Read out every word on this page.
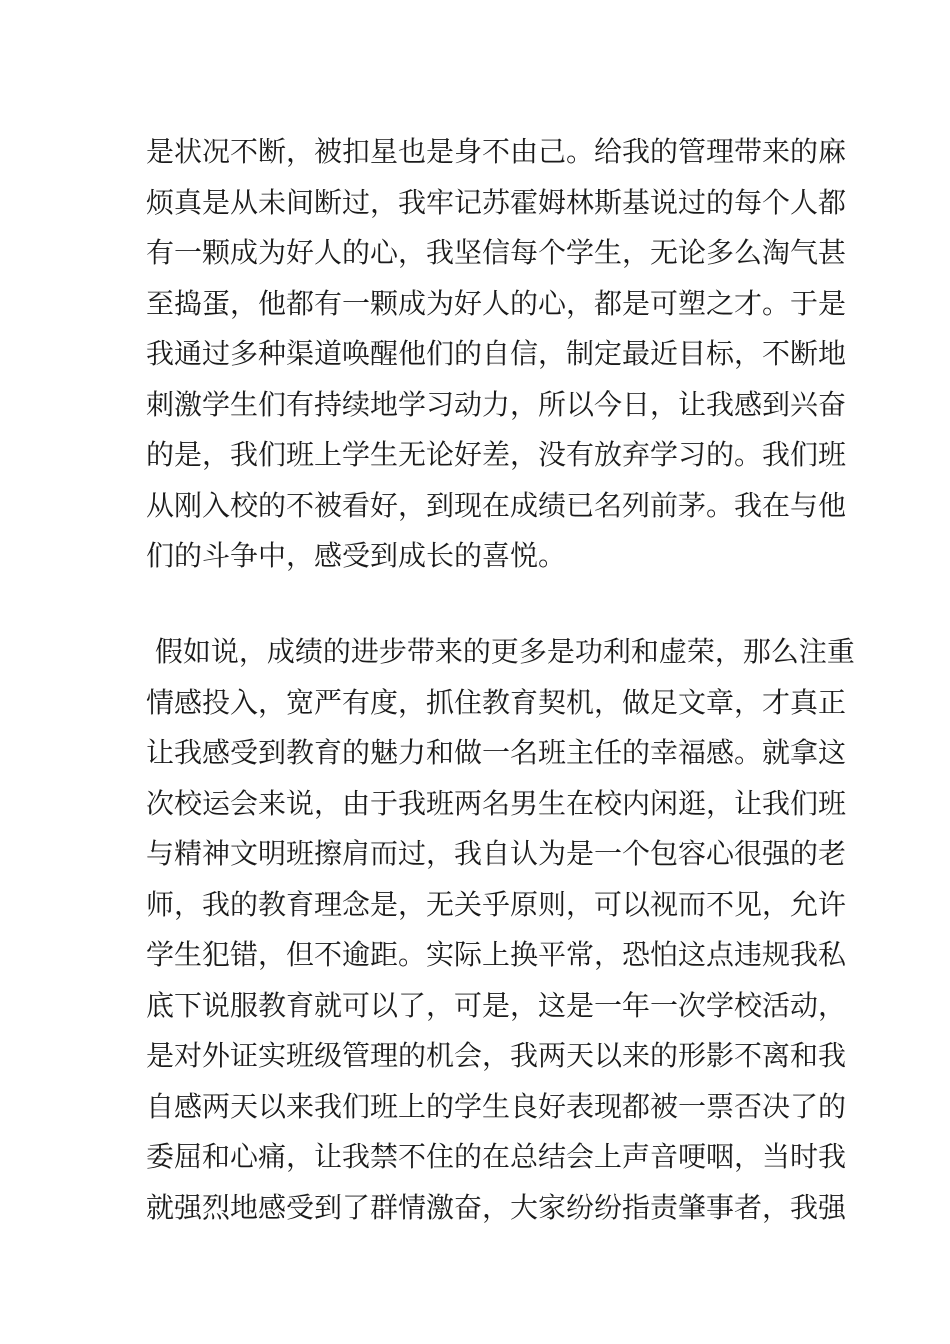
是状况不断，被扣星也是身不由己。给我的管理带来的麻
烦真是从未间断过，我牢记苏霍姆林斯基说过的每个人都
有一颗成为好人的心，我坚信每个学生，无论多么淘气甚
至捣蛋，他都有一颗成为好人的心，都是可塑之才。于是
我通过多种渠道唤醒他们的自信，制定最近目标，不断地
刺激学生们有持续地学习动力，所以今日，让我感到兴奋
的是，我们班上学生无论好差，没有放弃学习的。我们班
从刚入校的不被看好，到现在成绩已名列前茅。我在与他
们的斗争中，感受到成长的喜悦。
假如说，成绩的进步带来的更多是功利和虚荣，那么注重
情感投入，宽严有度，抓住教育契机，做足文章，才真正
让我感受到教育的魅力和做一名班主任的幸福感。就拿这
次校运会来说，由于我班两名男生在校内闲逛，让我们班
与精神文明班擦肩而过，我自认为是一个包容心很强的老
师，我的教育理念是，无关乎原则，可以视而不见，允许
学生犯错，但不逾距。实际上换平常，恐怕这点违规我私
底下说服教育就可以了，可是，这是一年一次学校活动，
是对外证实班级管理的机会，我两天以来的形影不离和我
自感两天以来我们班上的学生良好表现都被一票否决了的
委屈和心痛，让我禁不住的在总结会上声音哽咽，当时我
就强烈地感受到了群情激奋，大家纷纷指责肇事者，我强
